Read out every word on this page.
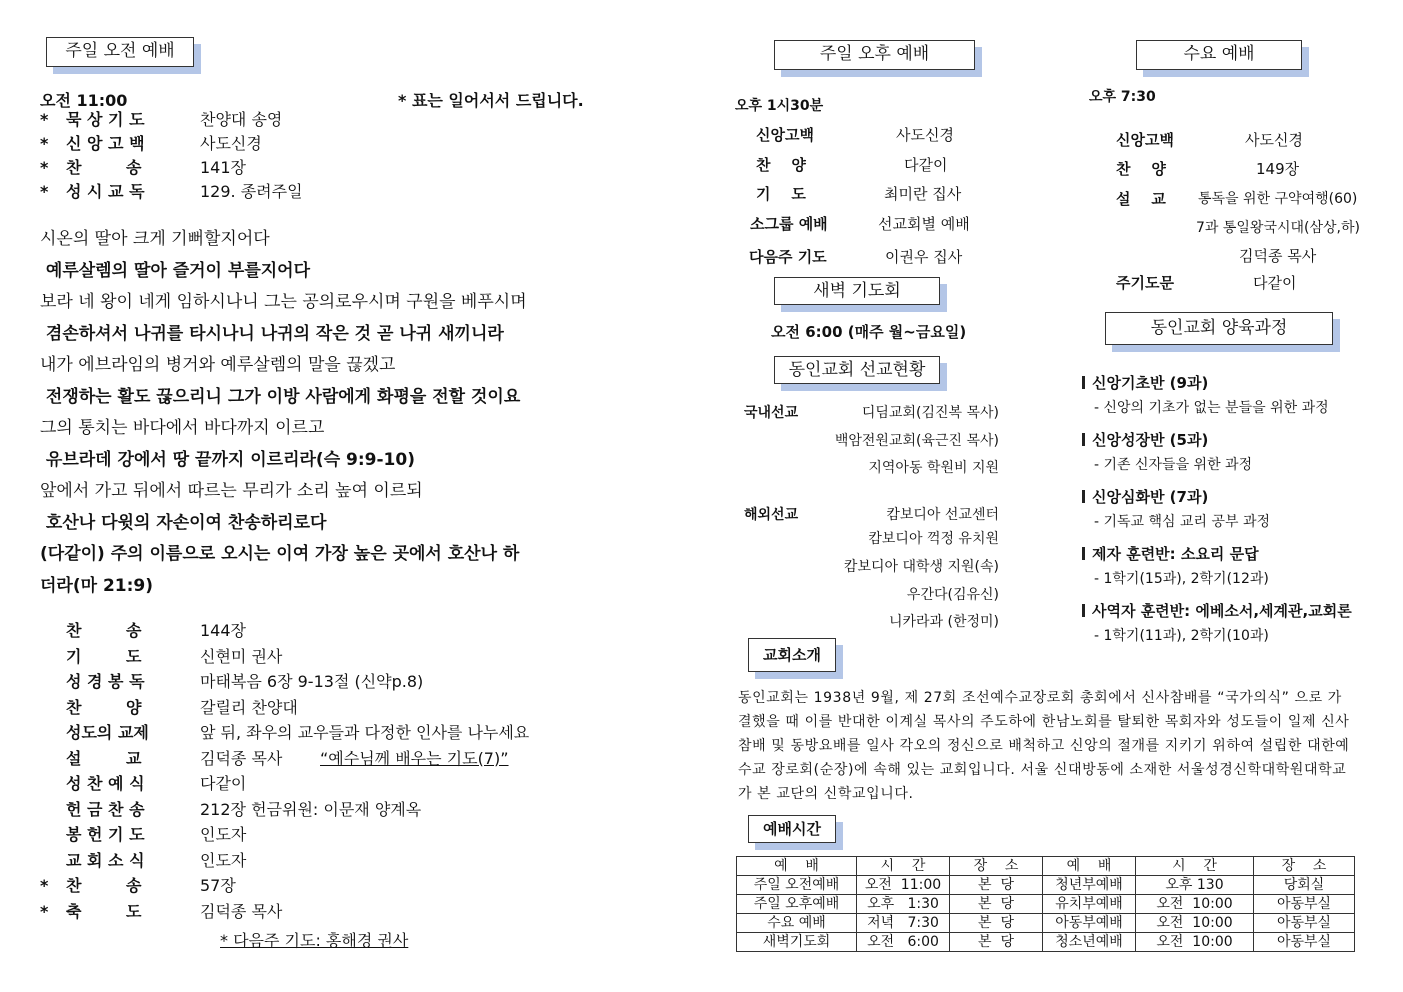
주일 오전 예배
오전 11:00	* 표는 일어서서 드립니다.
* 묵 상 기 도	찬양대 송영
* 신 앙 고 백	사도신경
* 찬        송	141장
* 성 시 교 독	129. 종려주일
시온의 딸아 크게 기뻐할지어다
예루살렘의 딸아 즐거이 부를지어다
보라 네 왕이 네게 임하시나니 그는 공의로우시며 구원을 베푸시며
겸손하셔서 나귀를 타시나니 나귀의 작은 것 곧 나귀 새끼니라
내가 에브라임의 병거와 예루살렘의 말을 끊겠고
전쟁하는 활도 끊으리니 그가 이방 사람에게 화평을 전할 것이요
그의 통치는 바다에서 바다까지 이르고
유브라데 강에서 땅 끝까지 이르리라(슥 9:9-10)
앞에서 가고 뒤에서 따르는 무리가 소리 높여 이르되
호산나 다윗의 자손이여 찬송하리로다
(다같이) 주의 이름으로 오시는 이여 가장 높은 곳에서 호산나 하
더라(마 21:9)
찬        송	144장
기        도	신현미 권사
성 경 봉 독	마태복음 6장 9-13절 (신약p.8)
찬        양	갈릴리 찬양대
성도의 교제	앞 뒤, 좌우의 교우들과 다정한 인사를 나누세요
설        교	김덕종 목사 “예수님께 배우는 기도(7)”
성 찬 예 식	다같이
헌 금 찬 송	212장 헌금위원: 이문재 양계옥
봉 헌 기 도	인도자
교 회 소 식	인도자
* 찬        송	57장
* 축        도	김덕종 목사
* 다음주 기도: 홍해경 권사
주일 오후 예배
오후 1시30분
신앙고백	사도신경
찬    양	다같이
기    도	최미란 집사
소그룹 예배	선교회별 예배
다음주 기도	이권우 집사
새벽 기도회
오전 6:00 (매주 월~금요일)
동인교회 선교현황
국내선교	디딤교회(김진복 목사)
백암전원교회(육근진 목사)
지역아동 학원비 지원
해외선교	캄보디아 선교센터
캄보디아 꺽정 유치원
캄보디아 대학생 지원(속)
우간다(김유신)
니카라과 (한정미)
교회소개
동인교회는 1938년 9월, 제 27회 조선예수교장로회 총회에서 신사참배를 “국가의식” 으로 가결했을 때 이를 반대한 이계실 목사의 주도하에 한남노회를 탈퇴한 목회자와 성도들이 일제 신사참배 및 동방요배를 일사 각오의 정신으로 배척하고 신앙의 절개를 지키기 위하여 설립한 대한예수교 장로회(순장)에 속해 있는 교회입니다. 서울 신대방동에 소재한 서울성경신학대학원대학교가 본 교단의 신학교입니다.
예배시간
예    배	시    간	장    소	예    배	시    간	장    소
주일 오전예배	오전  11:00	본  당	청년부예배	오후 130	당회실
주일 오후예배	오후   1:30	본  당	유치부예배	오전  10:00	아동부실
수요 예배	저녁   7:30	본  당	아동부예배	오전  10:00	아동부실
새벽기도회	오전   6:00	본  당	청소년예배	오전  10:00	아동부실
수요 예배
오후 7:30
신앙고백	사도신경
찬    양	149장
설    교 통독을 위한 구약여행(60)
7과 통일왕국시대(삼상,하)
김덕종 목사
주기도문	다같이
동인교회 양육과정
신앙기초반 (9과)
- 신앙의 기초가 없는 분들을 위한 과정
신앙성장반 (5과)
- 기존 신자들을 위한 과정
신앙심화반 (7과)
- 기독교 핵심 교리 공부 과정
제자 훈련반: 소요리 문답
- 1학기(15과), 2학기(12과)
사역자 훈련반: 에베소서,세계관,교회론
- 1학기(11과), 2학기(10과)
